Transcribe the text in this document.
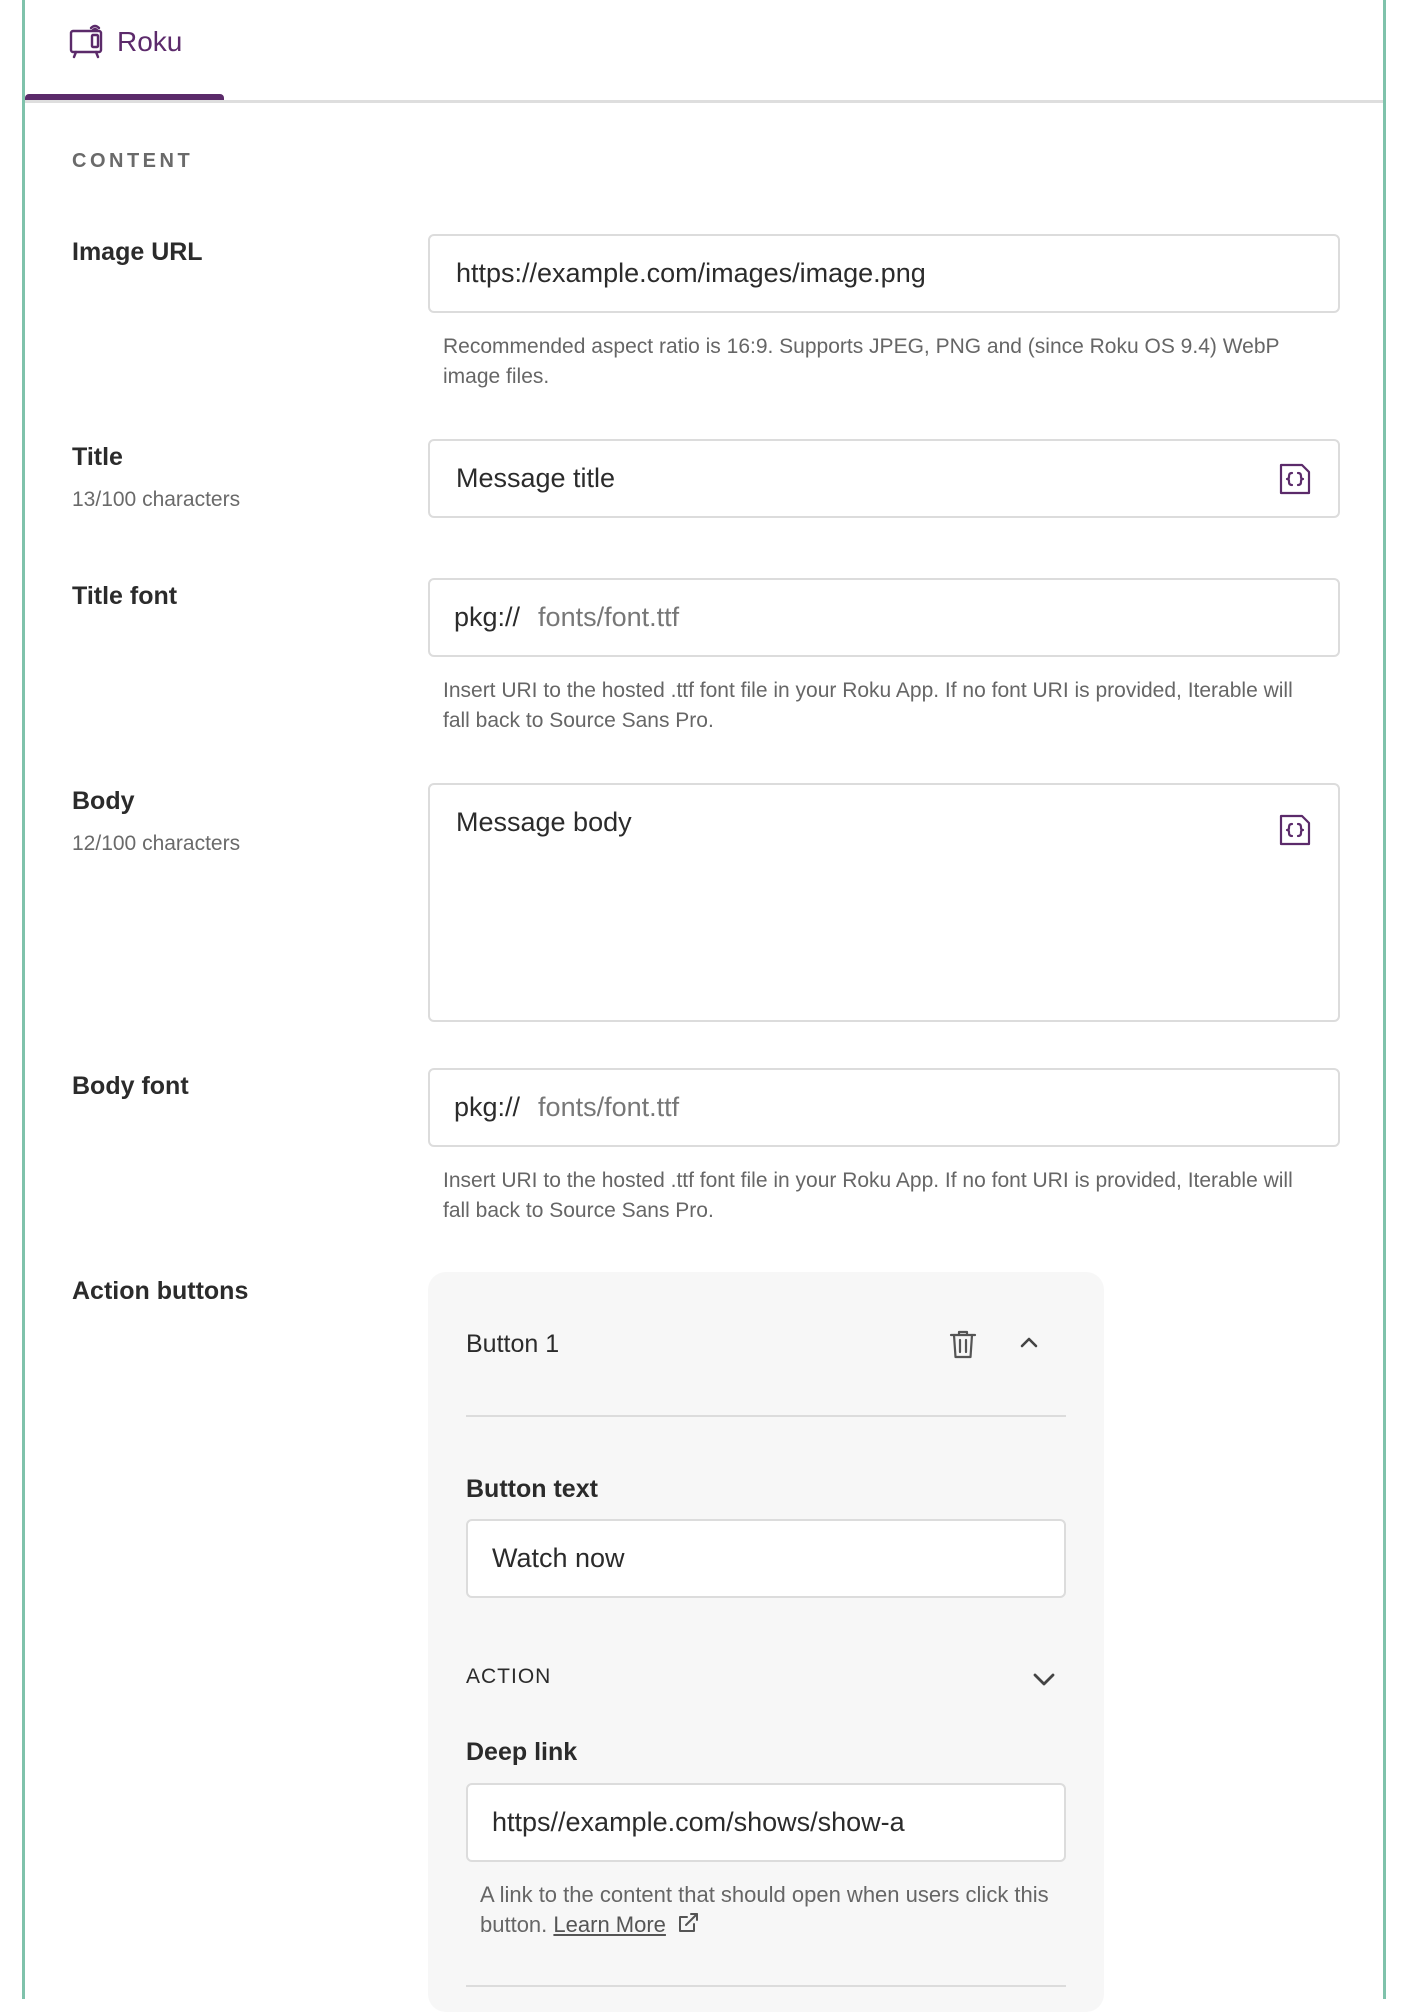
Roku
CONTENT
Image URL
https://example.com/images/image.png
Recommended aspect ratio is 16:9. Supports JPEG, PNG and (since Roku OS 9.4) WebP image files.
Title
13/100 characters
Message title
Title font
pkg:// fonts/font.ttf
Insert URI to the hosted .ttf font file in your Roku App. If no font URI is provided, Iterable will fall back to Source Sans Pro.
Body
12/100 characters
Message body
Body font
pkg:// fonts/font.ttf
Insert URI to the hosted .ttf font file in your Roku App. If no font URI is provided, Iterable will fall back to Source Sans Pro.
Action buttons
Button 1
Button text
Watch now
ACTION
Deep link
https//example.com/shows/show-a
A link to the content that should open when users click this button. Learn More
